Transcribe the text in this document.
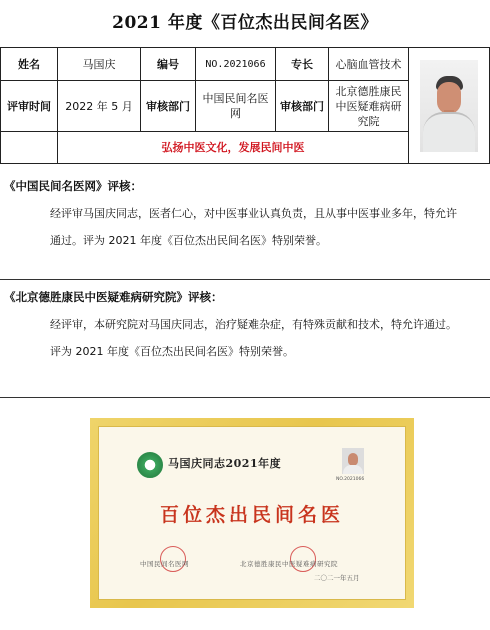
2021 年度《百位杰出民间名医》
姓名	马国庆	编号	NO.2021066	专长	心脑血管技术	

评审时间	2022 年 5 月	审核部门	中国民间名医网	审核部门	北京德胜康民中医疑难病研究院	
	弘扬中医文化，发展民间中医					
《中国民间名医网》评核：

经评审马国庆同志，医者仁心，对中医事业认真负责，且从事中医事业多年，特允许

通过。评为 2021 年度《百位杰出民间名医》特别荣誉。

《北京德胜康民中医疑难病研究院》评核：

经评审，本研究院对马国庆同志，治疗疑难杂症，有特殊贡献和技术，特允许通过。

评为 2021 年度《百位杰出民间名医》特别荣誉。

马国庆同志2021年度
NO.2021066
百位杰出民间名医
中国民间名医网	北京德胜康民中医疑难病研究院
二〇二一年五月
